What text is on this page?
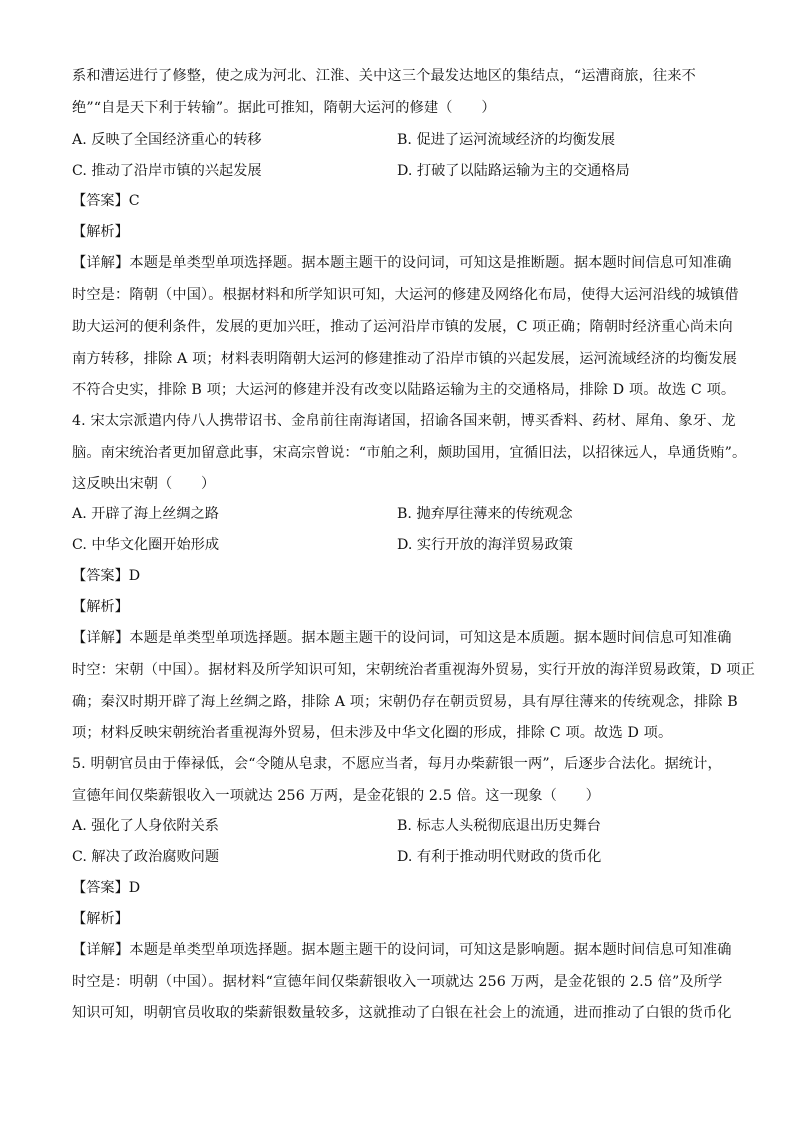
系和漕运进行了修整，使之成为河北、江淮、关中这三个最发达地区的集结点，“运漕商旅，往来不
绝”“自是天下利于转输”。据此可推知，隋朝大运河的修建（　　）
A. 反映了全国经济重心的转移	B. 促进了运河流域经济的均衡发展
C. 推动了沿岸市镇的兴起发展	D. 打破了以陆路运输为主的交通格局
【答案】C
【解析】
【详解】本题是单类型单项选择题。据本题主题干的设问词，可知这是推断题。据本题时间信息可知准确
时空是：隋朝（中国）。根据材料和所学知识可知，大运河的修建及网络化布局，使得大运河沿线的城镇借
助大运河的便利条件，发展的更加兴旺，推动了运河沿岸市镇的发展，C 项正确；隋朝时经济重心尚未向
南方转移，排除 A 项；材料表明隋朝大运河的修建推动了沿岸市镇的兴起发展，运河流域经济的均衡发展
不符合史实，排除 B 项；大运河的修建并没有改变以陆路运输为主的交通格局，排除 D 项。故选 C 项。
4. 宋太宗派遣内侍八人携带诏书、金帛前往南海诸国，招谕各国来朝，博买香料、药材、犀角、象牙、龙
脑。南宋统治者更加留意此事，宋高宗曾说：“市舶之利，颇助国用，宜循旧法，以招徕远人，阜通货贿”。
这反映出宋朝（　　）
A. 开辟了海上丝绸之路	B. 抛弃厚往薄来的传统观念
C. 中华文化圈开始形成	D. 实行开放的海洋贸易政策
【答案】D
【解析】
【详解】本题是单类型单项选择题。据本题主题干的设问词，可知这是本质题。据本题时间信息可知准确
时空：宋朝（中国）。据材料及所学知识可知，宋朝统治者重视海外贸易，实行开放的海洋贸易政策，D 项正
确；秦汉时期开辟了海上丝绸之路，排除 A 项；宋朝仍存在朝贡贸易，具有厚往薄来的传统观念，排除 B
项；材料反映宋朝统治者重视海外贸易，但未涉及中华文化圈的形成，排除 C 项。故选 D 项。
5. 明朝官员由于俸禄低，会“令随从皂隶，不愿应当者，每月办柴薪银一两”，后逐步合法化。据统计，
宣德年间仅柴薪银收入一项就达 256 万两，是金花银的 2.5 倍。这一现象（　　）
A. 强化了人身依附关系	B. 标志人头税彻底退出历史舞台
C. 解决了政治腐败问题	D. 有利于推动明代财政的货币化
【答案】D
【解析】
【详解】本题是单类型单项选择题。据本题主题干的设问词，可知这是影响题。据本题时间信息可知准确
时空是：明朝（中国）。据材料“宣德年间仅柴薪银收入一项就达 256 万两，是金花银的 2.5 倍”及所学
知识可知，明朝官员收取的柴薪银数量较多，这就推动了白银在社会上的流通，进而推动了白银的货币化
